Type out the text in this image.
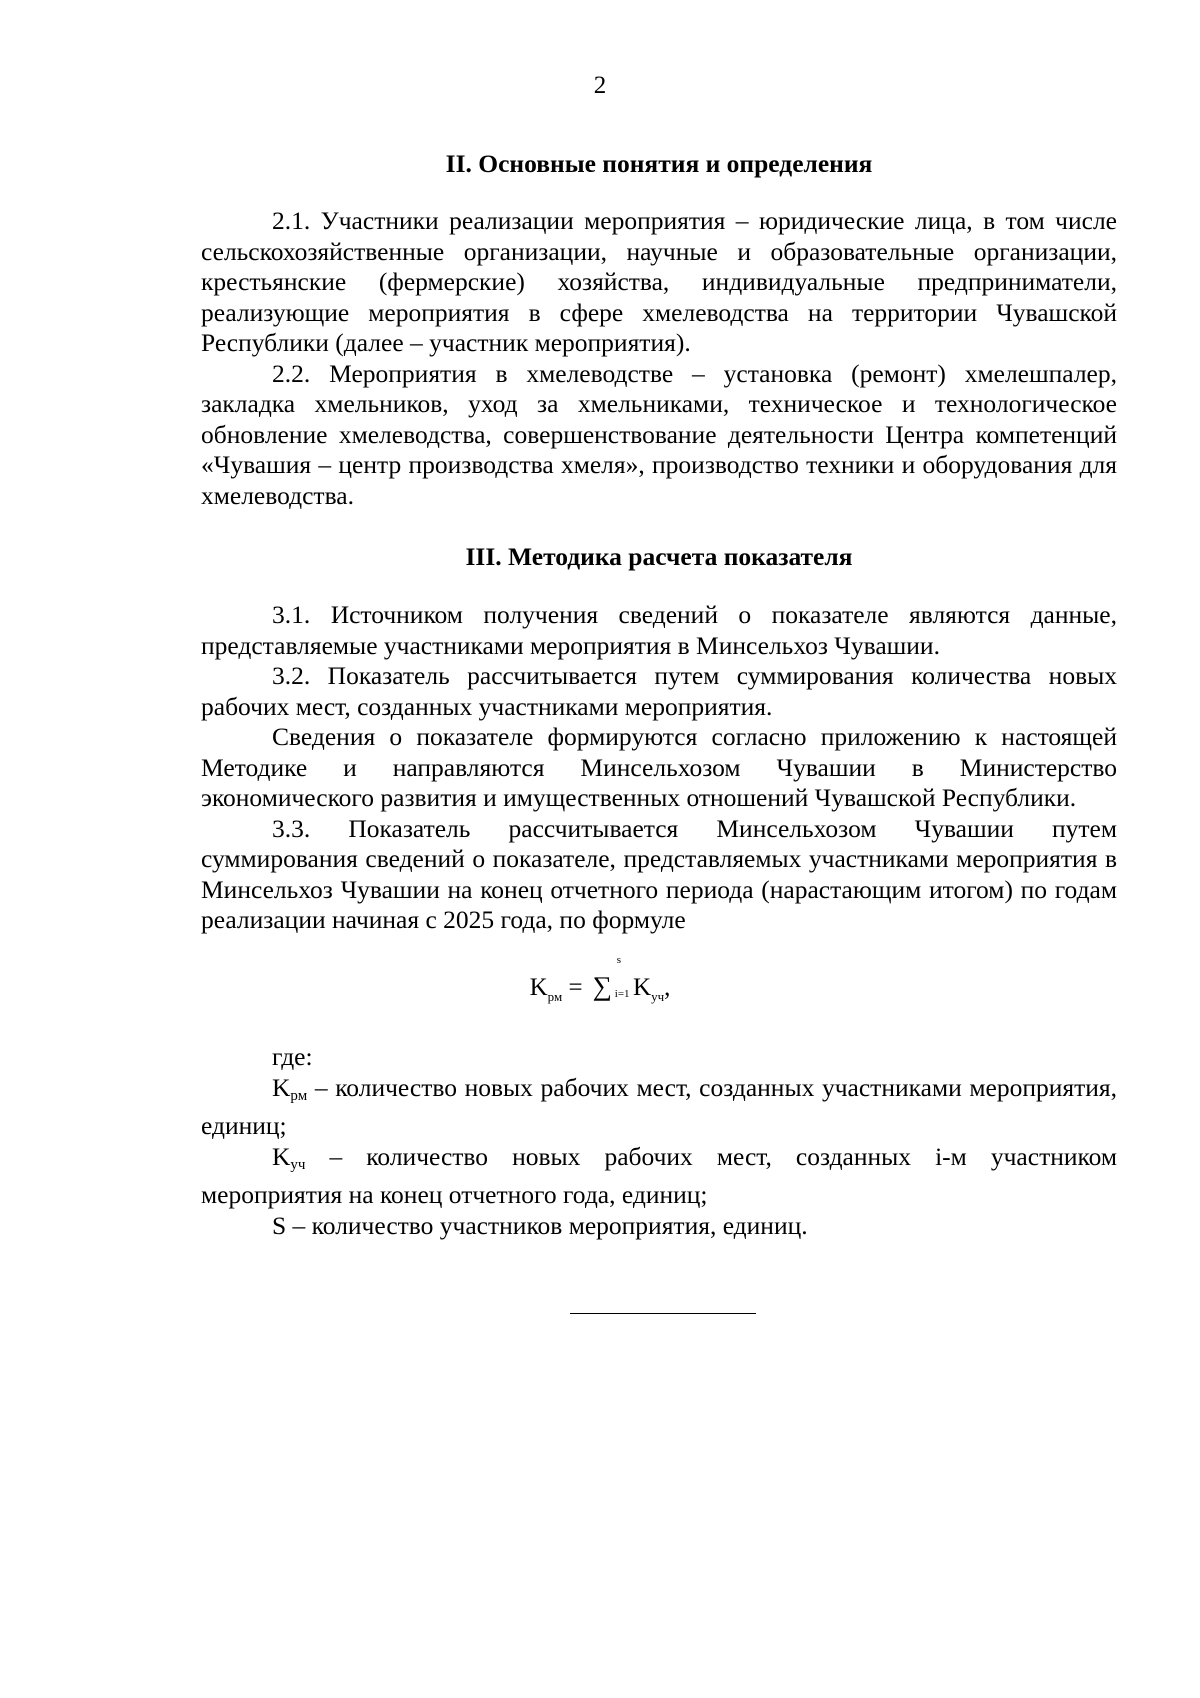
2

II. Основные понятия и определения

2.1. Участники реализации мероприятия – юридические лица, в том числе сельскохозяйственные организации, научные и образовательные организации, крестьянские (фермерские) хозяйства, индивидуальные предприниматели, реализующие мероприятия в сфере хмелеводства на территории Чувашской Республики (далее – участник мероприятия).

2.2. Мероприятия в хмелеводстве – установка (ремонт) хмелешпалер, закладка хмельников, уход за хмельниками, техническое и технологическое обновление хмелеводства, совершенствование деятельности Центра компетенций «Чувашия – центр производства хмеля», производство техники и оборудования для хмелеводства.

III. Методика расчета показателя

3.1. Источником получения сведений о показателе являются данные, представляемые участниками мероприятия в Минсельхоз Чувашии.

3.2. Показатель рассчитывается путем суммирования количества новых рабочих мест, созданных участниками мероприятия.

Сведения о показателе формируются согласно приложению к настоящей Методике и направляются Минсельхозом Чувашии в Министерство экономического развития и имущественных отношений Чувашской Республики.

3.3. Показатель рассчитывается Минсельхозом Чувашии путем суммирования сведений о показателе, представляемых участниками мероприятия в Минсельхоз Чувашии на конец отчетного периода (нарастающим итогом) по годам реализации начиная с 2025 года, по формуле

$K_{рм}$ = ∑
s
i=1 $K_{уч}$,

где:

Kрм – количество новых рабочих мест, созданных участниками мероприятия, единиц;

Kуч – количество новых рабочих мест, созданных i-м участником мероприятия на конец отчетного года, единиц;

S – количество участников мероприятия, единиц.
